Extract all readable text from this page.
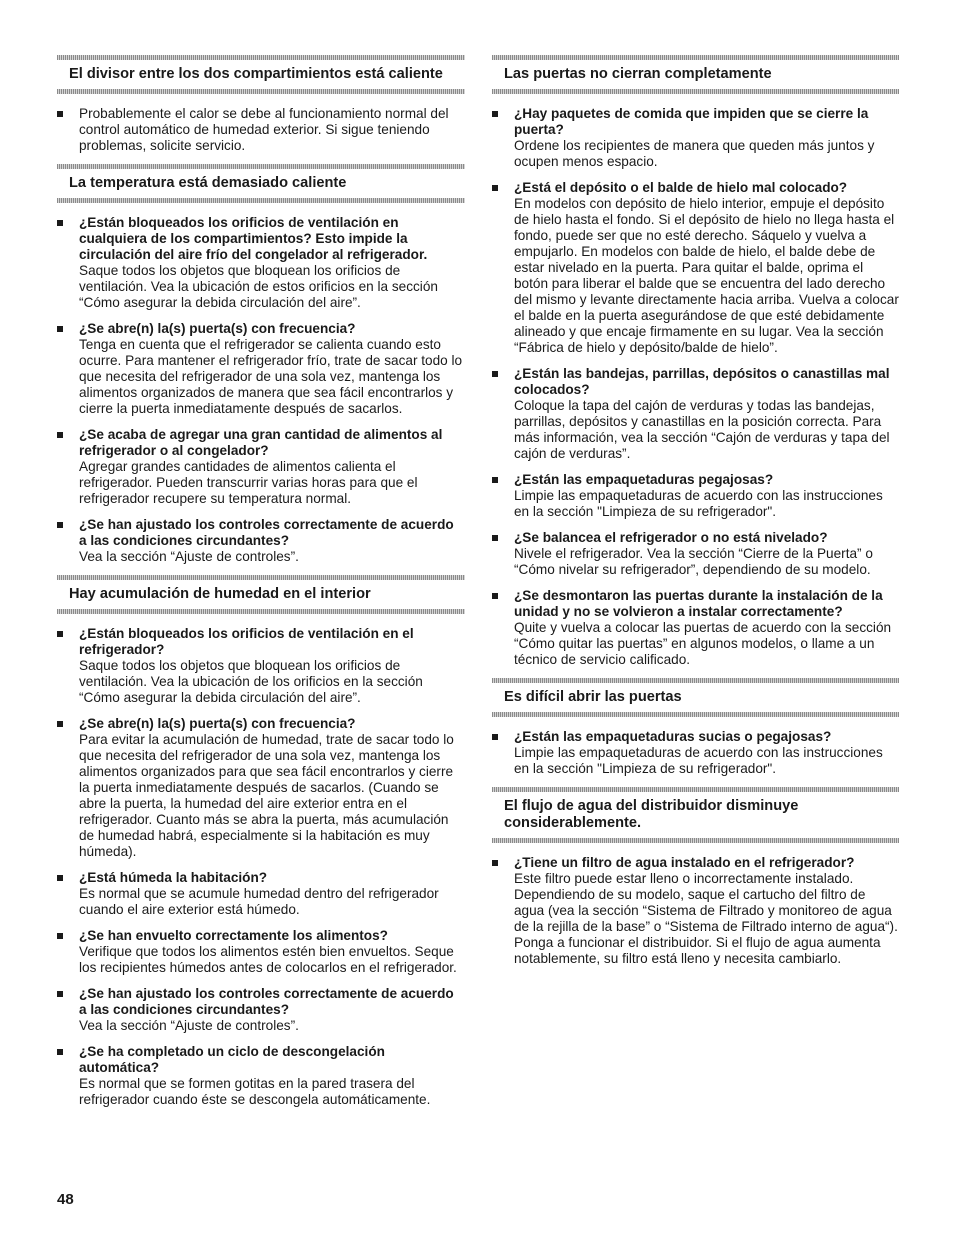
El divisor entre los dos compartimientos está caliente

Probablemente el calor se debe al funcionamiento normal del control automático de humedad exterior. Si sigue teniendo problemas, solicite servicio.

La temperatura está demasiado caliente

¿Están bloqueados los orificios de ventilación en cualquiera de los compartimientos? Esto impide la circulación del aire frío del congelador al refrigerador.

Saque todos los objetos que bloquean los orificios de ventilación. Vea la ubicación de estos orificios en la sección “Cómo asegurar la debida circulación del aire”.

¿Se abre(n) la(s) puerta(s) con frecuencia?

Tenga en cuenta que el refrigerador se calienta cuando esto ocurre. Para mantener el refrigerador frío, trate de sacar todo lo que necesita del refrigerador de una sola vez, mantenga los alimentos organizados de manera que sea fácil encontrarlos y cierre la puerta inmediatamente después de sacarlos.

¿Se acaba de agregar una gran cantidad de alimentos al refrigerador o al congelador?

Agregar grandes cantidades de alimentos calienta el refrigerador. Pueden transcurrir varias horas para que el refrigerador recupere su temperatura normal.

¿Se han ajustado los controles correctamente de acuerdo a las condiciones circundantes?

Vea la sección “Ajuste de controles”.

Hay acumulación de humedad en el interior

¿Están bloqueados los orificios de ventilación en el refrigerador?

Saque todos los objetos que bloquean los orificios de ventilación. Vea la ubicación de los orificios en la sección “Cómo asegurar la debida circulación del aire”.

¿Se abre(n) la(s) puerta(s) con frecuencia?

Para evitar la acumulación de humedad, trate de sacar todo lo que necesita del refrigerador de una sola vez, mantenga los alimentos organizados para que sea fácil encontrarlos y cierre la puerta inmediatamente después de sacarlos. (Cuando se abre la puerta, la humedad del aire exterior entra en el refrigerador. Cuanto más se abra la puerta, más acumulación de humedad habrá, especialmente si la habitación es muy húmeda).

¿Está húmeda la habitación?

Es normal que se acumule humedad dentro del refrigerador cuando el aire exterior está húmedo.

¿Se han envuelto correctamente los alimentos?

Verifique que todos los alimentos estén bien envueltos. Seque los recipientes húmedos antes de colocarlos en el refrigerador.

¿Se han ajustado los controles correctamente de acuerdo a las condiciones circundantes?

Vea la sección “Ajuste de controles”.

¿Se ha completado un ciclo de descongelación automática?

Es normal que se formen gotitas en la pared trasera del refrigerador cuando éste se descongela automáticamente.

Las puertas no cierran completamente

¿Hay paquetes de comida que impiden que se cierre la puerta?

Ordene los recipientes de manera que queden más juntos y ocupen menos espacio.

¿Está el depósito o el balde de hielo mal colocado?

En modelos con depósito de hielo interior, empuje el depósito de hielo hasta el fondo. Si el depósito de hielo no llega hasta el fondo, puede ser que no esté derecho. Sáquelo y vuelva a empujarlo. En modelos con balde de hielo, el balde debe de estar nivelado en la puerta. Para quitar el balde, oprima el botón para liberar el balde que se encuentra del lado derecho del mismo y levante directamente hacia arriba. Vuelva a colocar el balde en la puerta asegurándose de que esté debidamente alineado y que encaje firmamente en su lugar. Vea la sección “Fábrica de hielo y depósito/balde de hielo”.

¿Están las bandejas, parrillas, depósitos o canastillas mal colocados?

Coloque la tapa del cajón de verduras y todas las bandejas, parrillas, depósitos y canastillas en la posición correcta. Para más información, vea la sección “Cajón de verduras y tapa del cajón de verduras”.

¿Están las empaquetaduras pegajosas?

Limpie las empaquetaduras de acuerdo con las instrucciones en la sección "Limpieza de su refrigerador".

¿Se balancea el refrigerador o no está nivelado?

Nivele el refrigerador. Vea la sección “Cierre de la Puerta” o “Cómo nivelar su refrigerador”, dependiendo de su modelo.

¿Se desmontaron las puertas durante la instalación de la unidad y no se volvieron a instalar correctamente?

Quite y vuelva a colocar las puertas de acuerdo con la sección “Cómo quitar las puertas” en algunos modelos, o llame a un técnico de servicio calificado.

Es difícil abrir las puertas

¿Están las empaquetaduras sucias o pegajosas?

Limpie las empaquetaduras de acuerdo con las instrucciones en la sección "Limpieza de su refrigerador".

El flujo de agua del distribuidor disminuye considerablemente.

¿Tiene un filtro de agua instalado en el refrigerador?

Este filtro puede estar lleno o incorrectamente instalado. Dependiendo de su modelo, saque el cartucho del filtro de agua (vea la sección “Sistema de Filtrado y monitoreo de agua de la rejilla de la base” o “Sistema de Filtrado interno de agua“). Ponga a funcionar el distribuidor. Si el flujo de agua aumenta notablemente, su filtro está lleno y necesita cambiarlo.

48
